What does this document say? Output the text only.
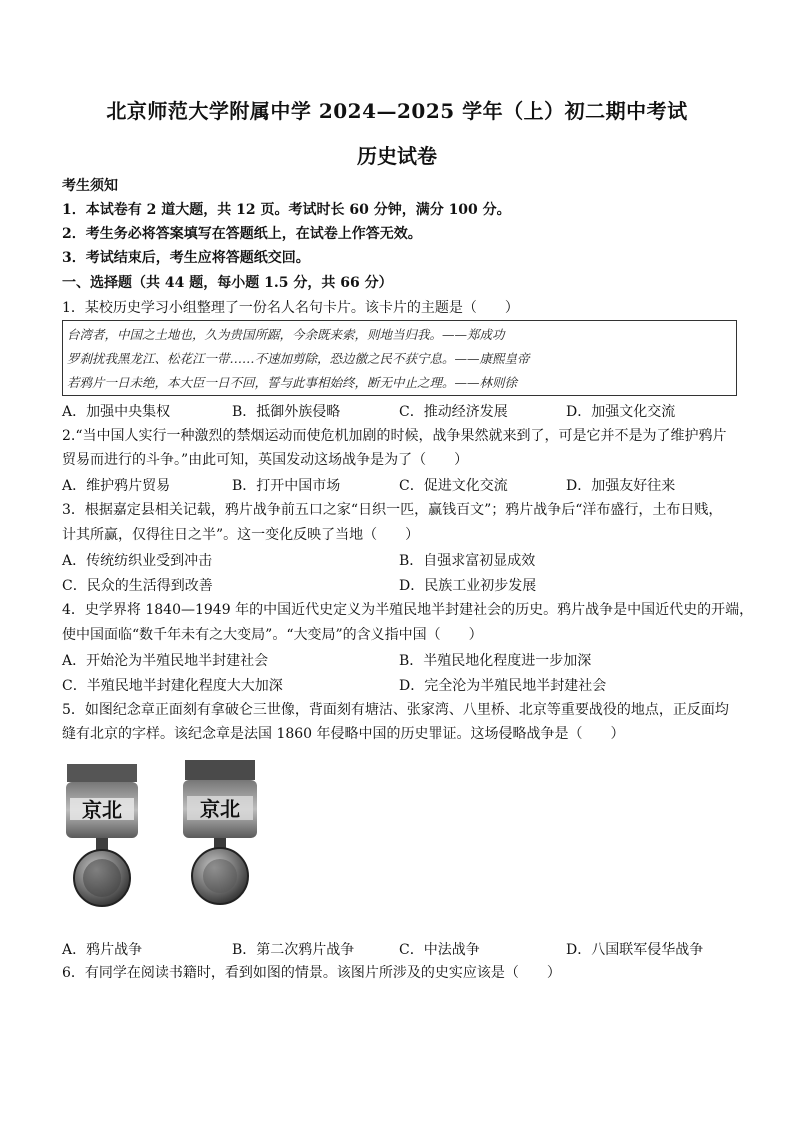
北京师范大学附属中学 2024—2025 学年（上）初二期中考试
历史试卷
考生须知
1．本试卷有 2 道大题，共 12 页。考试时长 60 分钟，满分 100 分。
2．考生务必将答案填写在答题纸上，在试卷上作答无效。
3．考试结束后，考生应将答题纸交回。
一、选择题（共 44 题，每小题 1.5 分，共 66 分）
1．某校历史学习小组整理了一份名人名句卡片。该卡片的主题是（　　）
台湾者，中国之土地也，久为贵国所踞，今余既来索，则地当归我。——郑成功
罗刹扰我黑龙江、松花江一带……不速加剪除，恐边徼之民不获宁息。——康熙皇帝
若鸦片一日未绝，本大臣一日不回，誓与此事相始终，断无中止之理。——林则徐
A．加强中央集权	B．抵御外族侵略	C．推动经济发展	D．加强文化交流
2.“当中国人实行一种激烈的禁烟运动而使危机加剧的时候，战争果然就来到了，可是它并不是为了维护鸦片
贸易而进行的斗争。”由此可知，英国发动这场战争是为了（　　）
A．维护鸦片贸易	B．打开中国市场	C．促进文化交流	D．加强友好往来
3．根据嘉定县相关记载，鸦片战争前五口之家“日织一匹，赢钱百文”；鸦片战争后“洋布盛行，土布日贱，
计其所赢，仅得往日之半”。这一变化反映了当地（　　）
A．传统纺织业受到冲击	B．自强求富初显成效
C．民众的生活得到改善	D．民族工业初步发展
4．史学界将 1840—1949 年的中国近代史定义为半殖民地半封建社会的历史。鸦片战争是中国近代史的开端，
使中国面临“数千年未有之大变局”。“大变局”的含义指中国（　　）
A．开始沦为半殖民地半封建社会	B．半殖民地化程度进一步加深
C．半殖民地半封建化程度大大加深	D．完全沦为半殖民地半封建社会
5．如图纪念章正面刻有拿破仑三世像，背面刻有塘沽、张家湾、八里桥、北京等重要战役的地点，正反面均
缝有北京的字样。该纪念章是法国 1860 年侵略中国的历史罪证。这场侵略战争是（　　）
京北	京北
A．鸦片战争	B．第二次鸦片战争	C．中法战争	D．八国联军侵华战争
6．有同学在阅读书籍时，看到如图的情景。该图片所涉及的史实应该是（　　）
